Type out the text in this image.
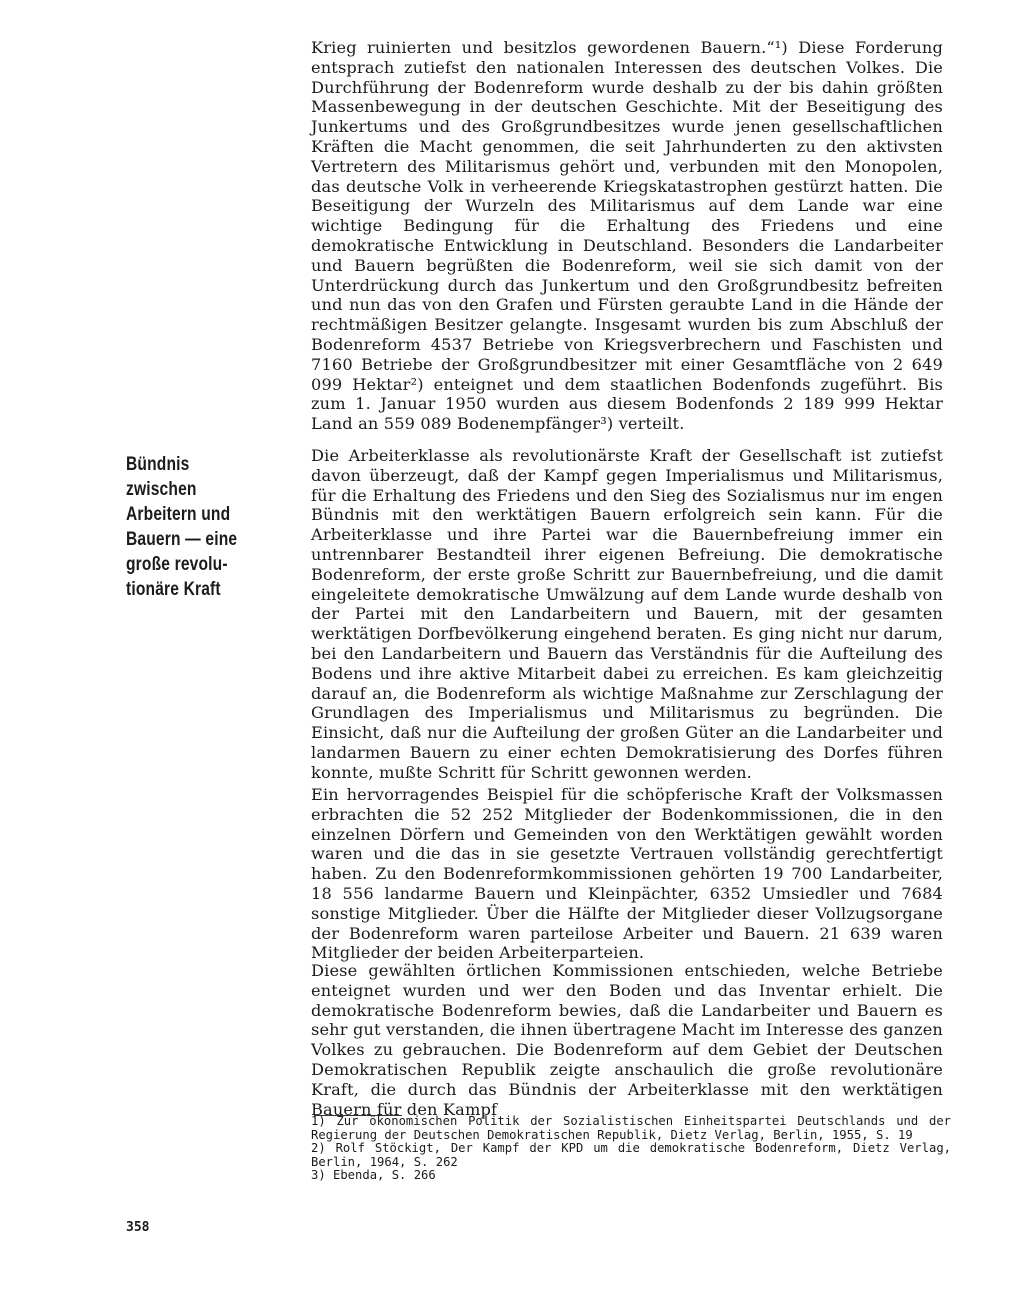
Krieg ruinierten und besitzlos gewordenen Bauern.“¹) Diese Forderung entsprach zutiefst den nationalen Interessen des deutschen Volkes. Die Durchführung der Bodenreform wurde deshalb zu der bis dahin größten Massenbewegung in der deutschen Geschichte. Mit der Beseitigung des Junkertums und des Großgrundbesitzes wurde jenen gesellschaftlichen Kräften die Macht genommen, die seit Jahrhunderten zu den aktivsten Vertretern des Militarismus gehört und, verbunden mit den Monopolen, das deutsche Volk in verheerende Kriegskatastrophen gestürzt hatten. Die Beseitigung der Wurzeln des Militarismus auf dem Lande war eine wichtige Bedingung für die Erhaltung des Friedens und eine demokratische Entwicklung in Deutschland. Besonders die Landarbeiter und Bauern begrüßten die Bodenreform, weil sie sich damit von der Unterdrückung durch das Junkertum und den Großgrundbesitz befreiten und nun das von den Grafen und Fürsten geraubte Land in die Hände der rechtmäßigen Besitzer gelangte. Insgesamt wurden bis zum Abschluß der Bodenreform 4537 Betriebe von Kriegsverbrechern und Faschisten und 7160 Betriebe der Großgrundbesitzer mit einer Gesamtfläche von 2 649 099 Hektar²) enteignet und dem staatlichen Bodenfonds zugeführt. Bis zum 1. Januar 1950 wurden aus diesem Bodenfonds 2 189 999 Hektar Land an 559 089 Bodenempfänger³) verteilt.

Bündnis
zwischen
Arbeitern und
Bauern — eine
große revolu-
tionäre Kraft

Die Arbeiterklasse als revolutionärste Kraft der Gesellschaft ist zutiefst davon überzeugt, daß der Kampf gegen Imperialismus und Militarismus, für die Erhaltung des Friedens und den Sieg des Sozialismus nur im engen Bündnis mit den werktätigen Bauern erfolgreich sein kann. Für die Arbeiterklasse und ihre Partei war die Bauernbefreiung immer ein untrennbarer Bestandteil ihrer eigenen Befreiung. Die demokratische Bodenreform, der erste große Schritt zur Bauernbefreiung, und die damit eingeleitete demokratische Umwälzung auf dem Lande wurde deshalb von der Partei mit den Landarbeitern und Bauern, mit der gesamten werktätigen Dorfbevölkerung eingehend beraten. Es ging nicht nur darum, bei den Landarbeitern und Bauern das Verständnis für die Aufteilung des Bodens und ihre aktive Mitarbeit dabei zu erreichen. Es kam gleichzeitig darauf an, die Bodenreform als wichtige Maßnahme zur Zerschlagung der Grundlagen des Imperialismus und Militarismus zu begründen. Die Einsicht, daß nur die Aufteilung der großen Güter an die Landarbeiter und landarmen Bauern zu einer echten Demokratisierung des Dorfes führen konnte, mußte Schritt für Schritt gewonnen werden.

Ein hervorragendes Beispiel für die schöpferische Kraft der Volksmassen erbrachten die 52 252 Mitglieder der Bodenkommissionen, die in den einzelnen Dörfern und Gemeinden von den Werktätigen gewählt worden waren und die das in sie gesetzte Vertrauen vollständig gerechtfertigt haben. Zu den Bodenreformkommissionen gehörten 19 700 Landarbeiter, 18 556 landarme Bauern und Kleinpächter, 6352 Umsiedler und 7684 sonstige Mitglieder. Über die Hälfte der Mitglieder dieser Vollzugsorgane der Bodenreform waren parteilose Arbeiter und Bauern. 21 639 waren Mitglieder der beiden Arbeiterparteien.

Diese gewählten örtlichen Kommissionen entschieden, welche Betriebe enteignet wurden und wer den Boden und das Inventar erhielt. Die demokratische Bodenreform bewies, daß die Landarbeiter und Bauern es sehr gut verstanden, die ihnen übertragene Macht im Interesse des ganzen Volkes zu gebrauchen. Die Bodenreform auf dem Gebiet der Deutschen Demokratischen Republik zeigte anschaulich die große revolutionäre Kraft, die durch das Bündnis der Arbeiterklasse mit den werktätigen Bauern für den Kampf

1) Zur ökonomischen Politik der Sozialistischen Einheitspartei Deutschlands und der Regierung der Deutschen Demokratischen Republik, Dietz Verlag, Berlin, 1955, S. 19

2) Rolf Stöckigt, Der Kampf der KPD um die demokratische Bodenreform, Dietz Verlag, Berlin, 1964, S. 262

3) Ebenda, S. 266

358
